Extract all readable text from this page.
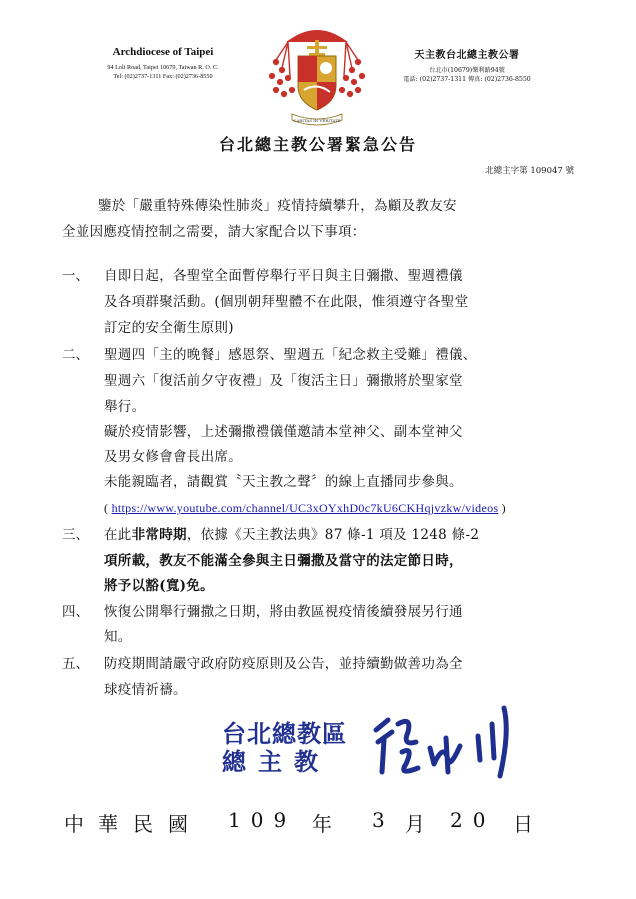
Archdiocese of Taipei
94 Loli Road, Taipei 10679, Taiwan R. O. C.
Tel: (02)2737-1311 Fax: (02)2736-8550
CARITAS IN VERITATE
天主教台北總主教公署
台北市(10679)樂利路94號
電話: (02)2737-1311 傳真: (02)2736-8550
台北總主教公署緊急公告
北總主字第 109047 號
鑒於「嚴重特殊傳染性肺炎」疫情持續攀升，為顧及教友安
全並因應疫情控制之需要，請大家配合以下事項：
一、 自即日起，各聖堂全面暫停舉行平日與主日彌撒、聖週禮儀
及各項群聚活動。(個別朝拜聖體不在此限，惟須遵守各聖堂
訂定的安全衛生原則)
二、 聖週四「主的晚餐」感恩祭、聖週五「紀念救主受難」禮儀、
聖週六「復活前夕守夜禮」及「復活主日」彌撒將於聖家堂
舉行。
礙於疫情影響，上述彌撒禮儀僅邀請本堂神父、副本堂神父
及男女修會會長出席。
未能親臨者，請觀賞〝天主教之聲〞的線上直播同步參與。
( https://www.youtube.com/channel/UC3xOYxhD0c7kU6CKHqjvzkw/videos )
三、 在此非常時期，依據《天主教法典》87 條-1 項及 1248 條-2
項所載，教友不能滿全參與主日彌撒及當守的法定節日時，
將予以豁(寬)免。
四、 恢復公開舉行彌撒之日期，將由教區視疫情後續發展另行通
知。
五、 防疫期間請嚴守政府防疫原則及公告，並持續勤做善功為全
球疫情祈禱。
台北總教區
總主教
中 華 民 國 109 年 3 月 20 日
